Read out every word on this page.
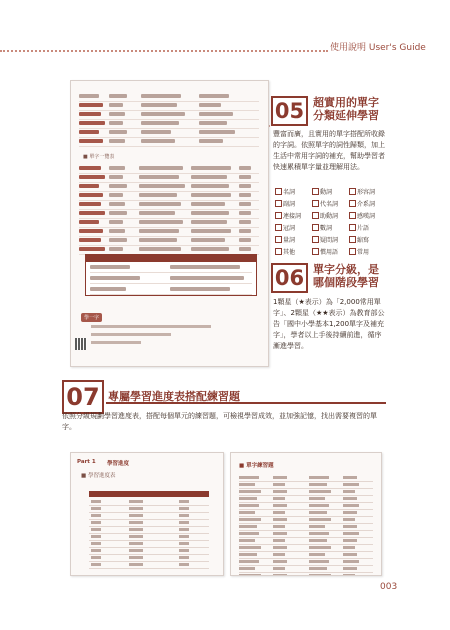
使用說明 User's Guide
■ 單字一覽表
學一字
05 超實用的單字
分類延伸學習
豐富而廣，且實用的單字搭配所收錄的字詞。依照單字的詞性歸類，加上生活中常用字詞的補充，幫助學習者快速累積單字量並理解用法。
名詞	動詞	形容詞
副詞	代名詞	介系詞
連接詞	助動詞	感嘆詞
冠詞	數詞	片語
量詞	疑問詞	縮寫
其他	慣用語	常用
06 單字分級，是
哪個階段學習
1顆星（★表示）為「2,000常用單字」、2顆星（★★表示）為教育部公告「國中小學基本1,200單字及補充字」，學者以上手後持續前進，循序漸進學習。
07 專屬學習進度表搭配練習題
依照分級規劃學習進度表，搭配每個單元的練習題，可檢視學習成效，並加強記憶，找出需要複習的單字。
Part 1 學習進度
■ 學習進度表
■ 單字練習題
003
